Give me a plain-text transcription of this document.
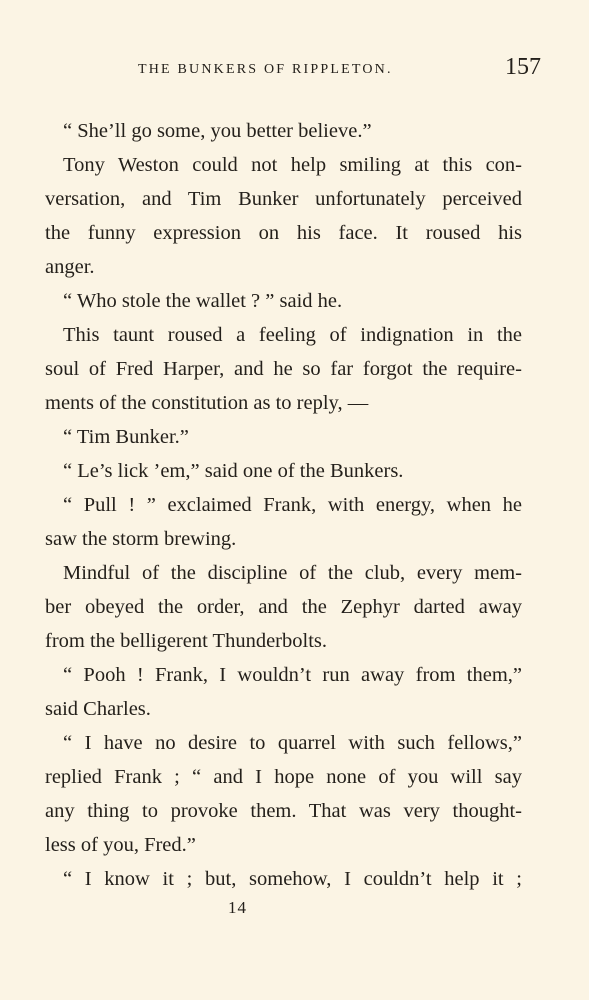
THE BUNKERS OF RIPPLETON.	157
“ She’ll go some, you better believe.”
Tony Weston could not help smiling at this con-
versation, and Tim Bunker unfortunately perceived
the funny expression on his face. It roused his
anger.
“ Who stole the wallet ? ” said he.
This taunt roused a feeling of indignation in the
soul of Fred Harper, and he so far forgot the require-
ments of the constitution as to reply, —
“ Tim Bunker.”
“ Le’s lick ’em,” said one of the Bunkers.
“ Pull ! ” exclaimed Frank, with energy, when he
saw the storm brewing.
Mindful of the discipline of the club, every mem-
ber obeyed the order, and the Zephyr darted away
from the belligerent Thunderbolts.
“ Pooh ! Frank, I wouldn’t run away from them,”
said Charles.
“ I have no desire to quarrel with such fellows,”
replied Frank ; “ and I hope none of you will say
any thing to provoke them. That was very thought-
less of you, Fred.”
“ I know it ; but, somehow, I couldn’t help it ;
14
